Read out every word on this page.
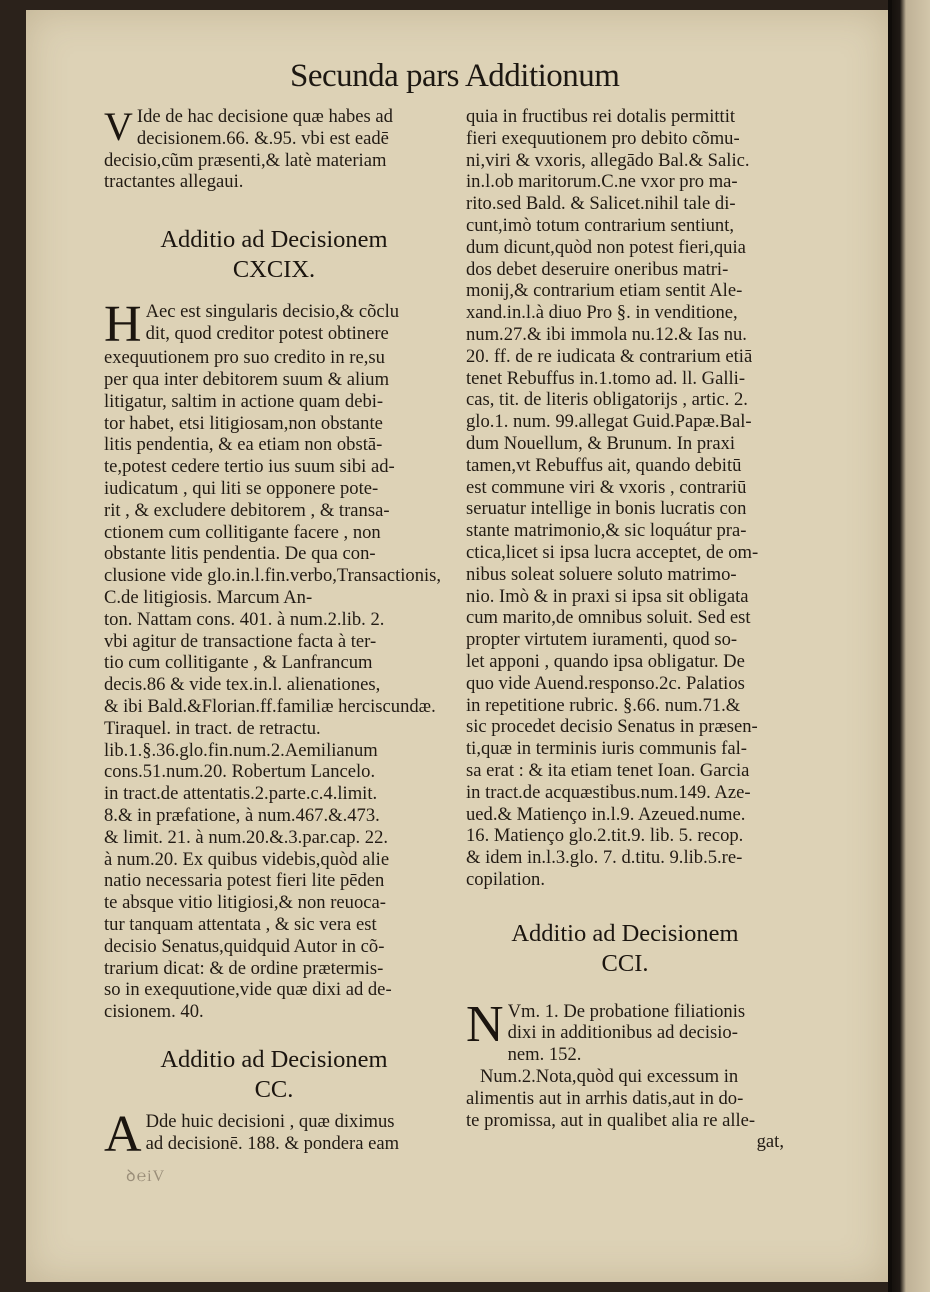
Secunda pars Additionum
V Ide de hac decisione quæ habes ad
decisionem.66. &.95. vbi est eadē
decisio,cũm præsenti,& latè materiam
tractantes allegaui.
Additio ad Decisionem
CXCIX.
H Aec est singularis decisio,& cõclu
dit, quod creditor potest obtinere
exequutionem pro suo credito in re,su
per qua inter debitorem suum & alium
litigatur, saltim in actione quam debi-
tor habet, etsi litigiosam,non obstante
litis pendentia, & ea etiam non obstā-
te,potest cedere tertio ius suum sibi ad-
iudicatum , qui liti se opponere pote-
rit , & excludere debitorem , & transa-
ctionem cum collitigante facere , non
obstante litis pendentia. De qua con-
clusione vide glo.in.l.fin.verbo,Transactionis,
C.de litigiosis. Marcum An-
ton. Nattam cons. 401. à num.2.lib. 2.
vbi agitur de transactione facta à ter-
tio cum collitigante , & Lanfrancum
decis.86 & vide tex.in.l. alienationes,
& ibi Bald.&Florian.ff.familiæ herciscundæ.
Tiraquel. in tract. de retractu.
lib.1.§.36.glo.fin.num.2.Aemilianum
cons.51.num.20. Robertum Lancelo.
in tract.de attentatis.2.parte.c.4.limit.
8.& in præfatione, à num.467.&.473.
& limit. 21. à num.20.&.3.par.cap. 22.
à num.20. Ex quibus videbis,quòd alie
natio necessaria potest fieri lite pēden
te absque vitio litigiosi,& non reuoca-
tur tanquam attentata , & sic vera est
decisio Senatus,quidquid Autor in cõ-
trarium dicat: & de ordine prætermis-
so in exequutione,vide quæ dixi ad de-
cisionem. 40.
Additio ad Decisionem
CC.
A Dde huic decisioni , quæ diximus
ad decisionē. 188. & pondera eam
ꝺ℮iV
quia in fructibus rei dotalis permittit
fieri exequutionem pro debito cõmu-
ni,viri & vxoris, allegādo Bal.& Salic.
in.l.ob maritorum.C.ne vxor pro ma-
rito.sed Bald. & Salicet.nihil tale di-
cunt,imò totum contrarium sentiunt,
dum dicunt,quòd non potest fieri,quia
dos debet deseruire oneribus matri-
monij,& contrarium etiam sentit Ale-
xand.in.l.à diuo Pro §. in venditione,
num.27.& ibi immola nu.12.& Ias nu.
20. ff. de re iudicata & contrarium etiā
tenet Rebuffus in.1.tomo ad. ll. Galli-
cas, tit. de literis obligatorijs , artic. 2.
glo.1. num. 99.allegat Guid.Papæ.Bal-
dum Nouellum, & Brunum. In praxi
tamen,vt Rebuffus ait, quando debitū
est commune viri & vxoris , contrariū
seruatur intellige in bonis lucratis con
stante matrimonio,& sic loquátur pra-
ctica,licet si ipsa lucra acceptet, de om-
nibus soleat soluere soluto matrimo-
nio. Imò & in praxi si ipsa sit obligata
cum marito,de omnibus soluit. Sed est
propter virtutem iuramenti, quod so-
let apponi , quando ipsa obligatur. De
quo vide Auend.responso.2c. Palatios
in repetitione rubric. §.66. num.71.&
sic procedet decisio Senatus in præsen-
ti,quæ in terminis iuris communis fal-
sa erat : & ita etiam tenet Ioan. Garcia
in tract.de acquæstibus.num.149. Aze-
ued.& Matienço in.l.9. Azeued.nume.
16. Matienço glo.2.tit.9. lib. 5. recop.
& idem in.l.3.glo. 7. d.titu. 9.lib.5.re-
copilation.
Additio ad Decisionem
CCI.
N Vm. 1. De probatione filiationis
dixi in additionibus ad decisio-
nem. 152.
Num.2.Nota,quòd qui excessum in
alimentis aut in arrhis datis,aut in do-
te promissa, aut in qualibet alia re alle-
gat,
